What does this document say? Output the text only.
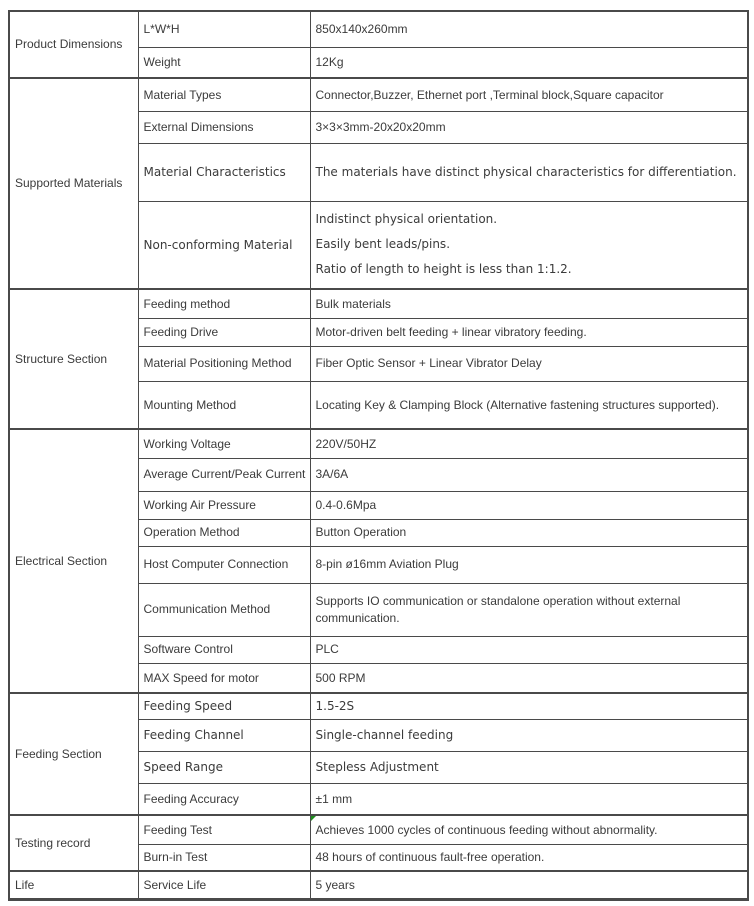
Product Dimensions	L*W*H	850x140x260mm
	Weight	12Kg
Supported Materials	Material Types	Connector,Buzzer, Ethernet port ,Terminal block,Square capacitor
	External Dimensions	3×3×3mm-20x20x20mm
	Material Characteristics	The materials have distinct physical characteristics for differentiation.
	Non-conforming Material	Indistinct physical orientation.
Easily bent leads/pins.
Ratio of length to height is less than 1:1.2.

Structure Section	Feeding method	Bulk materials
	Feeding Drive	Motor-driven belt feeding + linear vibratory feeding.
	Material Positioning Method	Fiber Optic Sensor + Linear Vibrator Delay
	Mounting Method	Locating Key & Clamping Block (Alternative fastening structures supported).
Electrical Section	Working Voltage	220V/50HZ
	Average Current/Peak Current	3A/6A
	Working Air Pressure	0.4-0.6Mpa
	Operation Method	Button Operation
	Host Computer Connection	8-pin ø16mm Aviation Plug
	Communication Method	Supports IO communication or standalone operation without external communication.
	Software Control	PLC
	MAX Speed for motor	500 RPM
Feeding Section	Feeding Speed	1.5-2S
	Feeding Channel	Single-channel feeding
	Speed Range	Stepless Adjustment
	Feeding Accuracy	±1 mm
Testing record	Feeding Test	Achieves 1000 cycles of continuous feeding without abnormality.
	Burn-in Test	48 hours of continuous fault-free operation.
Life	Service Life	5 years
